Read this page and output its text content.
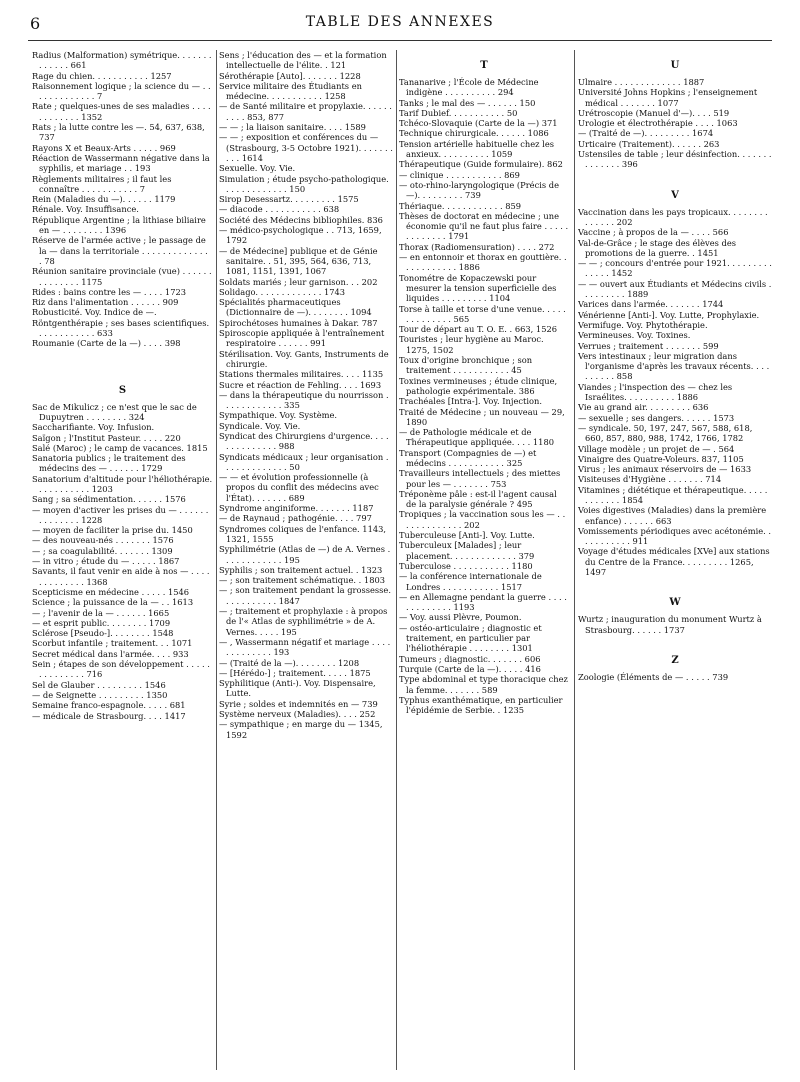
6	TABLE DES ANNEXES
Radius (Malformation) symétrique. . . . . . . . . . . . . 661
Rage du chien. . . . . . . . . . . 1257
Raisonnement logique ; la science du — . . . . . . . . . . . . . 7
Rate ; quelques-unes de ses maladies . . . . . . . . . . . . 1352
Rats ; la lutte contre les —. 54, 637, 638, 737
Rayons X et Beaux-Arts . . . . . 969
Réaction de Wassermann négative dans la syphilis, et mariage . . 193
Règlements militaires ; il faut les connaître . . . . . . . . . . . 7
Rein (Maladies du —). . . . . . 1179
Rénale. Voy. Insuffisance.
République Argentine ; la lithiase biliaire en — . . . . . . . . 1396
Réserve de l'armée active ; le passage de la — dans la territoriale . . . . . . . . . . . . . . 78
Réunion sanitaire provinciale (vue) . . . . . . . . . . . . . . 1175
Rides : bains contre les — . . . . 1723
Riz dans l'alimentation . . . . . . 909
Robusticité. Voy. Indice de —.
Röntgenthérapie ; ses bases scientifiques. . . . . . . . . . . . 633
Roumanie (Carte de la —) . . . . 398
S
Sac de Mikulicz ; ce n'est que le sac de Dupuytren . . . . . . . . 324
Saccharifiante. Voy. Infusion.
Saïgon ; l'Institut Pasteur. . . . . 220
Salé (Maroc) ; le camp de vacances. 1815
Sanatoria publics ; le traitement des médecins des — . . . . . . 1729
Sanatorium d'altitude pour l'héliothérapie. . . . . . . . . . . 1203
Sang ; sa sédimentation. . . . . . 1576
— moyen d'activer les prises du — . . . . . . . . . . . . . . 1228
— moyen de faciliter la prise du. 1450
— des nouveau-nés . . . . . . . 1576
— ; sa coagulabilité. . . . . . . 1309
— in vitro ; étude du — . . . . . 1867
Savants, il faut venir en aide à nos — . . . . . . . . . . . . . 1368
Scepticisme en médecine . . . . . 1546
Science ; la puissance de la — . . 1613
— ; l'avenir de la — . . . . . . 1665
— et esprit public. . . . . . . . 1709
Sclérose [Pseudo-]. . . . . . . . 1548
Scorbut infantile ; traitement. . . 1071
Secret médical dans l'armée. . . . 933
Sein ; étapes de son développement . . . . . . . . . . . . . . 716
Sel de Glauber . . . . . . . . . 1546
— de Seignette . . . . . . . . . 1350
Semaine franco-espagnole. . . . . 681
— médicale de Strasbourg. . . . 1417
Sens ; l'éducation des — et la formation intellectuelle de l'élite. . 121
Sérothérapie [Auto]. . . . . . . 1228
Service militaire des Étudiants en médecine. . . . . . . . . . . 1258
— de Santé militaire et propylaxie. . . . . . . . . . 853, 877
— — ; la liaison sanitaire. . . . 1589
— — ; exposition et conférences du — (Strasbourg, 3-5 Octobre 1921). . . . . . . . . . 1614
Sexuelle. Voy. Vie.
Simulation ; étude psycho-pathologique. . . . . . . . . . . . . 150
Sirop Desessartz. . . . . . . . . 1575
— diacode . . . . . . . . . . . 638
Société des Médecins bibliophiles. 836
— médico-psychologique . . 713, 1659, 1792
— de Médecine] publique et de Génie sanitaire. . 51, 395, 564, 636, 713, 1081, 1151, 1391, 1067
Soldats mariés ; leur garnison. . . 202
Solidago. . . . . . . . . . . . . 1743
Spécialités pharmaceutiques (Dictionnaire de —). . . . . . . . 1094
Spirochétoses humaines à Dakar. 787
Spiroscopie appliquée à l'entraînement respiratoire . . . . . . 991
Stérilisation. Voy. Gants, Instruments de chirurgie.
Stations thermales militaires. . . . 1135
Sucre et réaction de Fehling. . . . 1693
— dans la thérapeutique du nourrisson . . . . . . . . . . . . 335
Sympathique. Voy. Système.
Syndicale. Voy. Vie.
Syndicat des Chirurgiens d'urgence. . . . . . . . . . . . . . 988
Syndicats médicaux ; leur organisation . . . . . . . . . . . . . 50
— — et évolution professionnelle (à propos du conflit des médecins avec l'État). . . . . . . 689
Syndrome anginiforme. . . . . . . 1187
— de Raynaud ; pathogénie. . . . 797
Syndromes coliques de l'enfance. 1143, 1321, 1555
Syphilimétrie (Atlas de —) de A. Vernes . . . . . . . . . . . . 195
Syphilis ; son traitement actuel. . 1323
— ; son traitement schématique. . 1803
— ; son traitement pendant la grossesse. . . . . . . . . . . 1847
— ; traitement et prophylaxie : à propos de l'« Atlas de syphilimétrie » de A. Vernes. . . . . 195
— , Wassermann négatif et mariage . . . . . . . . . . . . . 193
— (Traité de la —). . . . . . . . 1208
— [Hérédo-] ; traitement. . . . . 1875
Syphilitique (Anti-). Voy. Dispensaire, Lutte.
Syrie ; soldes et indemnités en — 739
Système nerveux (Maladies). . . . 252
— sympathique ; en marge du — 1345, 1592
T
Tananarive ; l'École de Médecine indigène . . . . . . . . . . 294
Tanks ; le mal des — . . . . . . 150
Tarif Dubief. . . . . . . . . . . 50
Tchéco-Slovaquie (Carte de la —) 371
Technique chirurgicale. . . . . . 1086
Tension artérielle habituelle chez les anxieux. . . . . . . . . . 1059
Thérapeutique (Guide formulaire). 862
— clinique . . . . . . . . . . . 869
— oto-rhino-laryngologique (Précis de —). . . . . . . . . 739
Thériaque. . . . . . . . . . . . 859
Thèses de doctorat en médecine ; une économie qu'il ne faut plus faire . . . . . . . . . . . . . 1791
Thorax (Radiomensuration) . . . . 272
— en entonnoir et thorax en gouttière. . . . . . . . . . . . 1886
Tonométre de Kopaczewski pour mesurer la tension superficielle des liquides . . . . . . . . . 1104
Torse à taille et torse d'une venue. . . . . . . . . . . . . . 565
Tour de départ au T. O. E. . 663, 1526
Touristes ; leur hygiène au Maroc. 1275, 1502
Toux d'origine bronchique ; son traitement . . . . . . . . . . . 45
Toxines vermineuses ; étude clinique, pathologie expérimentale. 386
Trachéales [Intra-]. Voy. Injection.
Traité de Médecine ; un nouveau — 29, 1890
— de Pathologie médicale et de Thérapeutique appliquée. . . . 1180
Transport (Compagnies de —) et médecins . . . . . . . . . . . 325
Travailleurs intellectuels ; des miettes pour les — . . . . . . . 753
Tréponème pâle : est-il l'agent causal de la paralysie générale ? 495
Tropiques ; la vaccination sous les — . . . . . . . . . . . . . 202
Tuberculeuse [Anti-]. Voy. Lutte.
Tuberculeux [Malades] ; leur placement. . . . . . . . . . . . . 379
Tuberculose . . . . . . . . . . . 1180
— la conférence internationale de Londres . . . . . . . . . . . 1517
— en Allemagne pendant la guerre . . . . . . . . . . . . . 1193
— Voy. aussi Plèvre, Poumon.
— ostéo-articulaire ; diagnostic et traitement, en particulier par l'héliothérapie . . . . . . . . 1301
Tumeurs ; diagnostic. . . . . . . 606
Turquie (Carte de la —). . . . . 416
Type abdominal et type thoracique chez la femme. . . . . . . 589
Typhus exanthématique, en particulier l'épidémie de Serbie. . 1235
U
Ulmaire . . . . . . . . . . . . . 1887
Université Johns Hopkins ; l'enseignement médical . . . . . . . 1077
Urétroscopie (Manuel d'—). . . . 519
Urologie et électrothérapie . . . . 1063
— (Traité de —). . . . . . . . . 1674
Urticaire (Traitement). . . . . . 263
Ustensiles de table ; leur désinfection. . . . . . . . . . . . . . 396
V
Vaccination dans les pays tropicaux. . . . . . . . . . . . . . 202
Vaccine ; à propos de la — . . . . 566
Val-de-Grâce ; le stage des élèves des promotions de la guerre. . 1451
— — ; concours d'entrée pour 1921. . . . . . . . . . . . . . 1452
— — ouvert aux Étudiants et Médecins civils . . . . . . . . . 1889
Varices dans l'armée. . . . . . . 1744
Vénérienne [Anti-]. Voy. Lutte, Prophylaxie.
Vermifuge. Voy. Phytothérapie.
Vermineuses. Voy. Toxines.
Verrues ; traitement . . . . . . . 599
Vers intestinaux ; leur migration dans l'organisme d'après les travaux récents. . . . . . . . . . 858
Viandes ; l'inspection des — chez les Israélites. . . . . . . . . . 1886
Vie au grand air. . . . . . . . . 636
— sexuelle ; ses dangers. . . . . . 1573
— syndicale. 50, 197, 247, 567, 588, 618, 660, 857, 880, 988, 1742, 1766, 1782
Village modèle ; un projet de — . 564
Vinaigre des Quatre-Voleurs. 837, 1105
Virus ; les animaux réservoirs de — 1633
Visiteuses d'Hygiène . . . . . . . 714
Vitamines ; diététique et thérapeutique. . . . . . . . . . . . 1854
Voies digestives (Maladies) dans la première enfance) . . . . . . 663
Vomissements périodiques avec acétonémie. . . . . . . . . . . 911
Voyage d'études médicales [XVe] aux stations du Centre de la France. . . . . . . . . 1265, 1497
W
Wurtz ; inauguration du monument Wurtz à Strasbourg. . . . . . 1737
Z
Zoologie (Éléments de — . . . . . 739
